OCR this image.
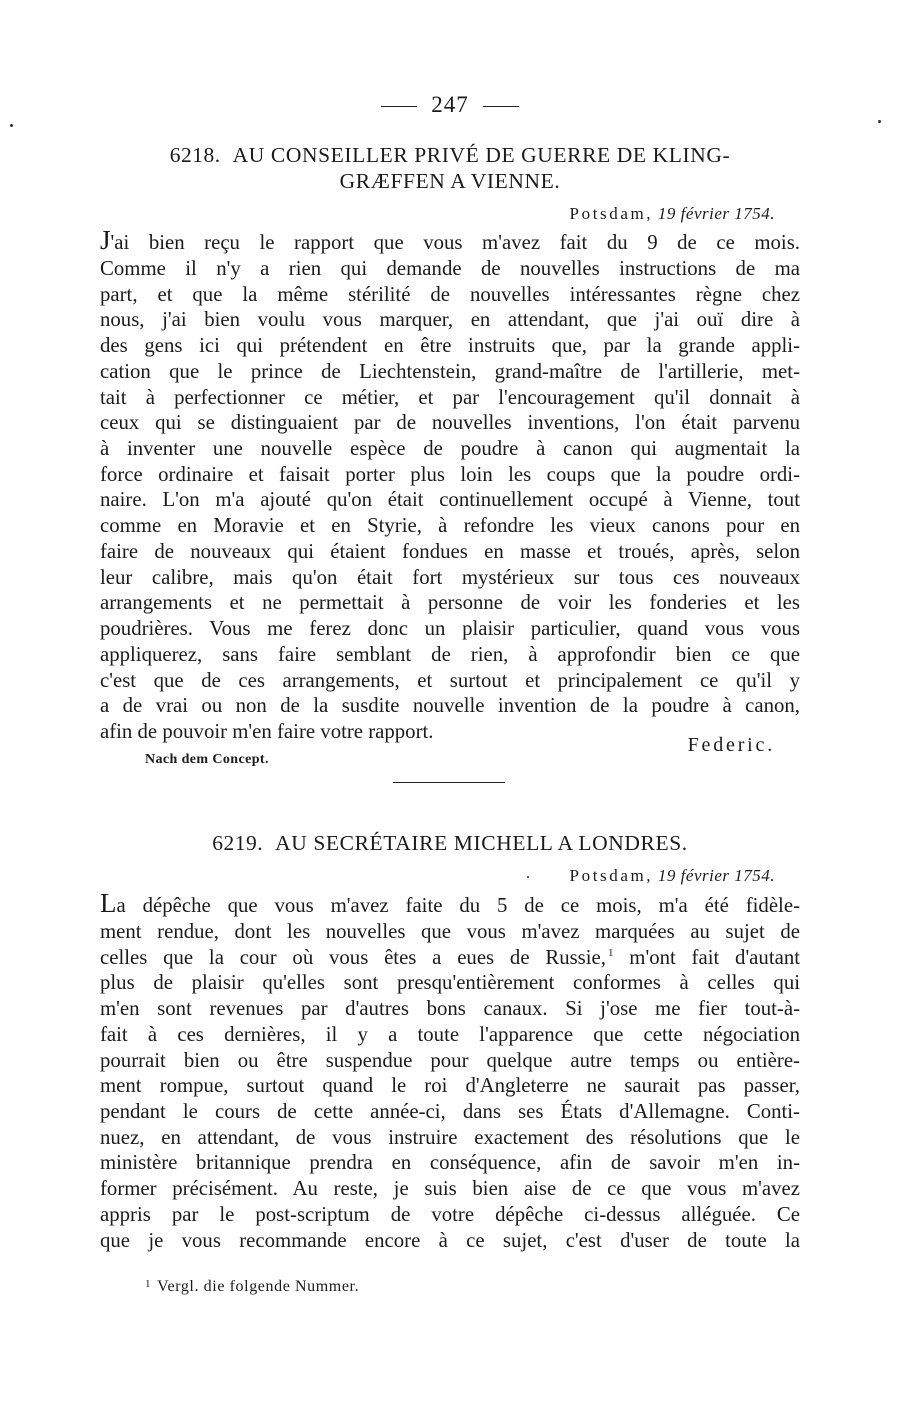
247
6218. AU CONSEILLER PRIVÉ DE GUERRE DE KLING-
GRÆFFEN A VIENNE.
Potsdam, 19 février 1754.
J'ai bien reçu le rapport que vous m'avez fait du 9 de ce mois.
Comme il n'y a rien qui demande de nouvelles instructions de ma
part, et que la même stérilité de nouvelles intéressantes règne chez
nous, j'ai bien voulu vous marquer, en attendant, que j'ai ouï dire à
des gens ici qui prétendent en être instruits que, par la grande appli-
cation que le prince de Liechtenstein, grand-maître de l'artillerie, met-
tait à perfectionner ce métier, et par l'encouragement qu'il donnait à
ceux qui se distinguaient par de nouvelles inventions, l'on était parvenu
à inventer une nouvelle espèce de poudre à canon qui augmentait la
force ordinaire et faisait porter plus loin les coups que la poudre ordi-
naire. L'on m'a ajouté qu'on était continuellement occupé à Vienne, tout
comme en Moravie et en Styrie, à refondre les vieux canons pour en
faire de nouveaux qui étaient fondues en masse et troués, après, selon
leur calibre, mais qu'on était fort mystérieux sur tous ces nouveaux
arrangements et ne permettait à personne de voir les fonderies et les
poudrières. Vous me ferez donc un plaisir particulier, quand vous vous
appliquerez, sans faire semblant de rien, à approfondir bien ce que
c'est que de ces arrangements, et surtout et principalement ce qu'il y
a de vrai ou non de la susdite nouvelle invention de la poudre à canon,
afin de pouvoir m'en faire votre rapport.
Federic.
Nach dem Concept.
6219. AU SECRÉTAIRE MICHELL A LONDRES.
Potsdam, 19 février 1754.
La dépêche que vous m'avez faite du 5 de ce mois, m'a été fidèle-
ment rendue, dont les nouvelles que vous m'avez marquées au sujet de
celles que la cour où vous êtes a eues de Russie, $^1$ m'ont fait d'autant
plus de plaisir qu'elles sont presqu'entièrement conformes à celles qui
m'en sont revenues par d'autres bons canaux. Si j'ose me fier tout-à-
fait à ces dernières, il y a toute l'apparence que cette négociation
pourrait bien ou être suspendue pour quelque autre temps ou entière-
ment rompue, surtout quand le roi d'Angleterre ne saurait pas passer,
pendant le cours de cette année-ci, dans ses États d'Allemagne. Conti-
nuez, en attendant, de vous instruire exactement des résolutions que le
ministère britannique prendra en conséquence, afin de savoir m'en in-
former précisément. Au reste, je suis bien aise de ce que vous m'avez
appris par le post-scriptum de votre dépêche ci-dessus alléguée. Ce
que je vous recommande encore à ce sujet, c'est d'user de toute la
$^1$ Vergl. die folgende Nummer.
